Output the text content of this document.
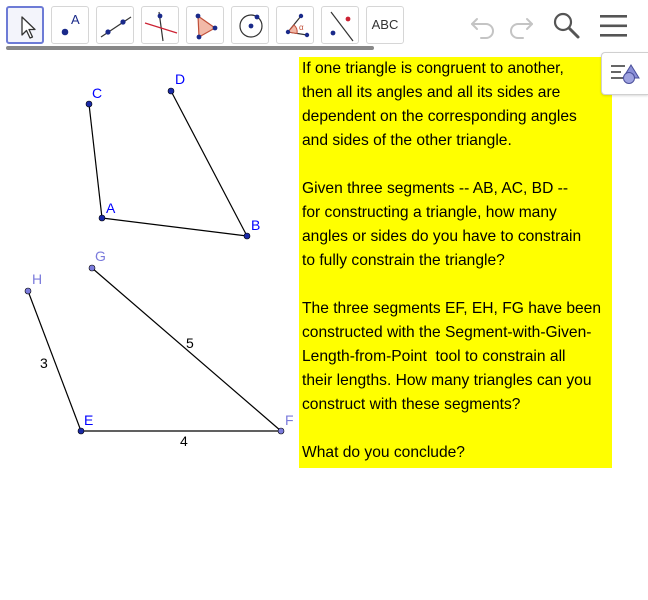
A
α	ABC
C
A
B
D
H
G
E	F
3
5
4

If one triangle is congruent to another,
then all its angles and all its sides are
dependent on the corresponding angles
and sides of the other triangle.

Given three segments -- AB, AC, BD --
for constructing a triangle, how many
angles or sides do you have to constrain
to fully constrain the triangle?

The three segments EF, EH, FG have been
constructed with the Segment-with-Given-
Length-from-Point  tool to constrain all
their lengths. How many triangles can you
construct with these segments?

What do you conclude?
